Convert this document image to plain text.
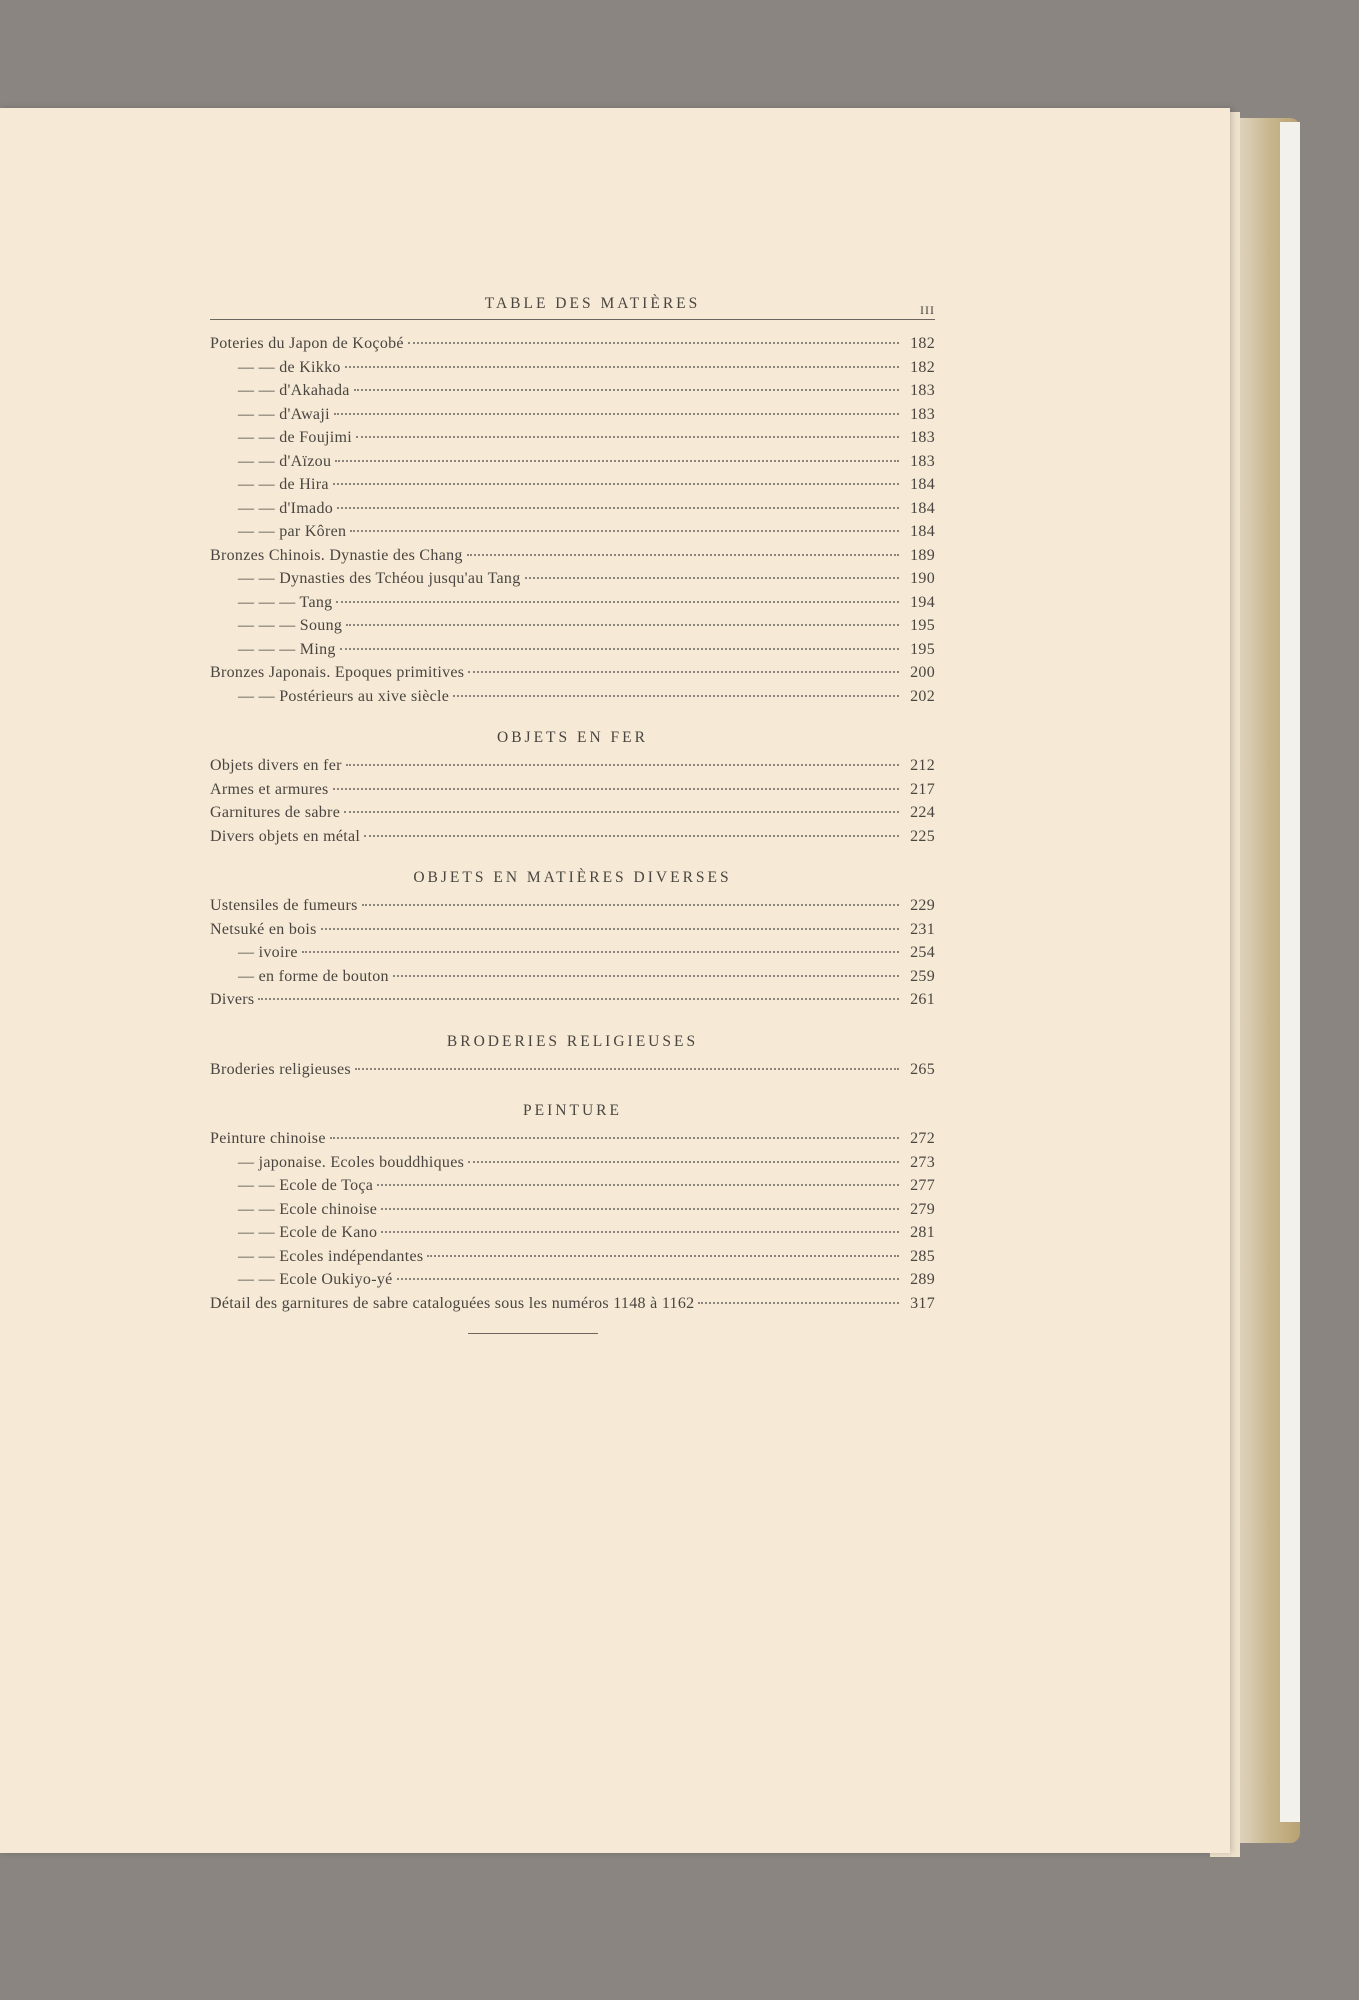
TABLE DES MATIÈRES	III
Poteries du Japon de Koçobé	182
— — de Kikko	182
— — d'Akahada	183
— — d'Awaji	183
— — de Foujimi	183
— — d'Aïzou	183
— — de Hira	184
— — d'Imado	184
— — par Kôren	184
Bronzes Chinois. Dynastie des Chang	189
— — Dynasties des Tchéou jusqu'au Tang	190
— — — Tang	194
— — — Soung	195
— — — Ming	195
Bronzes Japonais. Epoques primitives	200
— — Postérieurs au xive siècle	202
OBJETS EN FER
Objets divers en fer	212
Armes et armures	217
Garnitures de sabre	224
Divers objets en métal	225
OBJETS EN MATIÈRES DIVERSES
Ustensiles de fumeurs	229
Netsuké en bois	231
— ivoire	254
— en forme de bouton	259
Divers	261
BRODERIES RELIGIEUSES
Broderies religieuses	265
PEINTURE
Peinture chinoise	272
— japonaise. Ecoles bouddhiques	273
— — Ecole de Toça	277
— — Ecole chinoise	279
— — Ecole de Kano	281
— — Ecoles indépendantes	285
— — Ecole Oukiyo-yé	289
Détail des garnitures de sabre cataloguées sous les numéros 1148 à 1162	317
